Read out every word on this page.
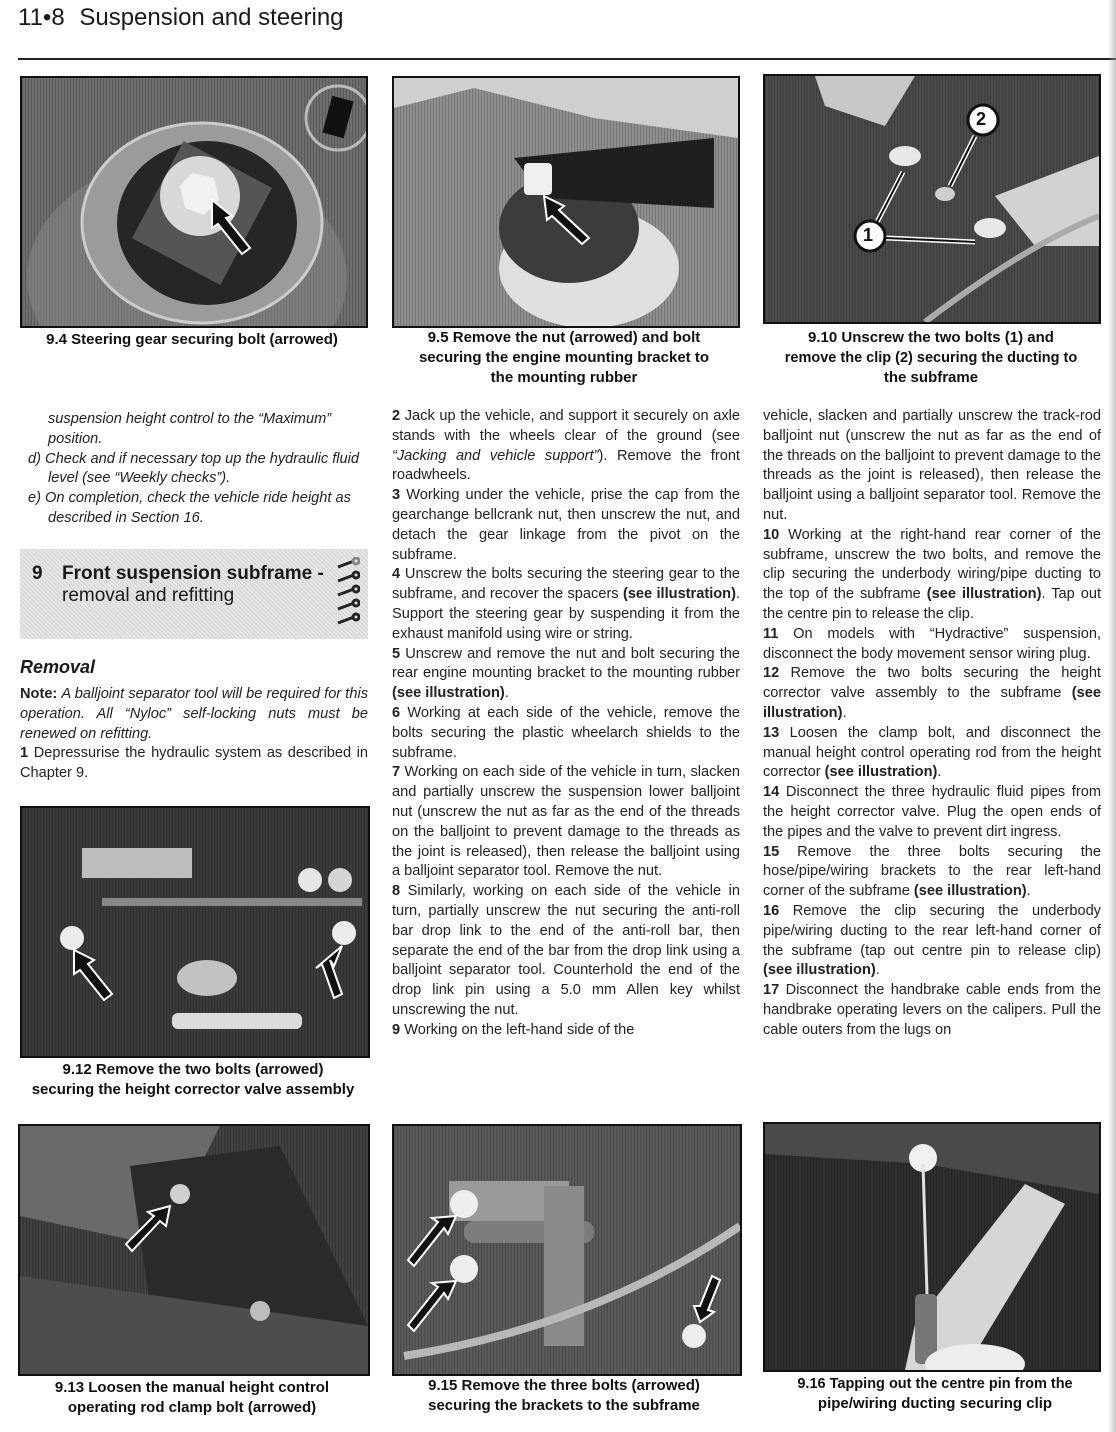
11•8 Suspension and steering
9.4 Steering gear securing bolt (arrowed)	9.5 Remove the nut (arrowed) and bolt
securing the engine mounting bracket to
the mounting rubber
1
2
9.10 Unscrew the two bolts (1) and
remove the clip (2) securing the ducting to
the subframe

suspension height control to the “Maximum” position.

d) Check and if necessary top up the hydraulic fluid level (see “Weekly checks”).

e) On completion, check the vehicle ride height as described in Section 16.

9 Front suspension subframe -
removal and refitting
Removal

Note: A balljoint separator tool will be required for this operation. All “Nyloc” self-locking nuts must be renewed on refitting.

1 Depressurise the hydraulic system as described in Chapter 9.

9.12 Remove the two bolts (arrowed)
securing the height corrector valve assembly

2 Jack up the vehicle, and support it securely on axle stands with the wheels clear of the ground (see “Jacking and vehicle support”). Remove the front roadwheels.

3 Working under the vehicle, prise the cap from the gearchange bellcrank nut, then unscrew the nut, and detach the gear linkage from the pivot on the subframe.

4 Unscrew the bolts securing the steering gear to the subframe, and recover the spacers (see illustration). Support the steering gear by suspending it from the exhaust manifold using wire or string.

5 Unscrew and remove the nut and bolt securing the rear engine mounting bracket to the mounting rubber (see illustration).

6 Working at each side of the vehicle, remove the bolts securing the plastic wheelarch shields to the subframe.

7 Working on each side of the vehicle in turn, slacken and partially unscrew the suspension lower balljoint nut (unscrew the nut as far as the end of the threads on the balljoint to prevent damage to the threads as the joint is released), then release the balljoint using a balljoint separator tool. Remove the nut.

8 Similarly, working on each side of the vehicle in turn, partially unscrew the nut securing the anti-roll bar drop link to the end of the anti-roll bar, then separate the end of the bar from the drop link using a balljoint separator tool. Counterhold the end of the drop link pin using a 5.0 mm Allen key whilst unscrewing the nut.

9 Working on the left-hand side of the

vehicle, slacken and partially unscrew the track-rod balljoint nut (unscrew the nut as far as the end of the threads on the balljoint to prevent damage to the threads as the joint is released), then release the balljoint using a balljoint separator tool. Remove the nut.

10 Working at the right-hand rear corner of the subframe, unscrew the two bolts, and remove the clip securing the underbody wiring/pipe ducting to the top of the subframe (see illustration). Tap out the centre pin to release the clip.

11 On models with “Hydractive” suspension, disconnect the body movement sensor wiring plug.

12 Remove the two bolts securing the height corrector valve assembly to the subframe (see illustration).

13 Loosen the clamp bolt, and disconnect the manual height control operating rod from the height corrector (see illustration).

14 Disconnect the three hydraulic fluid pipes from the height corrector valve. Plug the open ends of the pipes and the valve to prevent dirt ingress.

15 Remove the three bolts securing the hose/pipe/wiring brackets to the rear left-hand corner of the subframe (see illustration).

16 Remove the clip securing the underbody pipe/wiring ducting to the rear left-hand corner of the subframe (tap out centre pin to release clip) (see illustration).

17 Disconnect the handbrake cable ends from the handbrake operating levers on the calipers. Pull the cable outers from the lugs on

9.13 Loosen the manual height control
operating rod clamp bolt (arrowed)
9.15 Remove the three bolts (arrowed)
securing the brackets to the subframe
9.16 Tapping out the centre pin from the
pipe/wiring ducting securing clip
